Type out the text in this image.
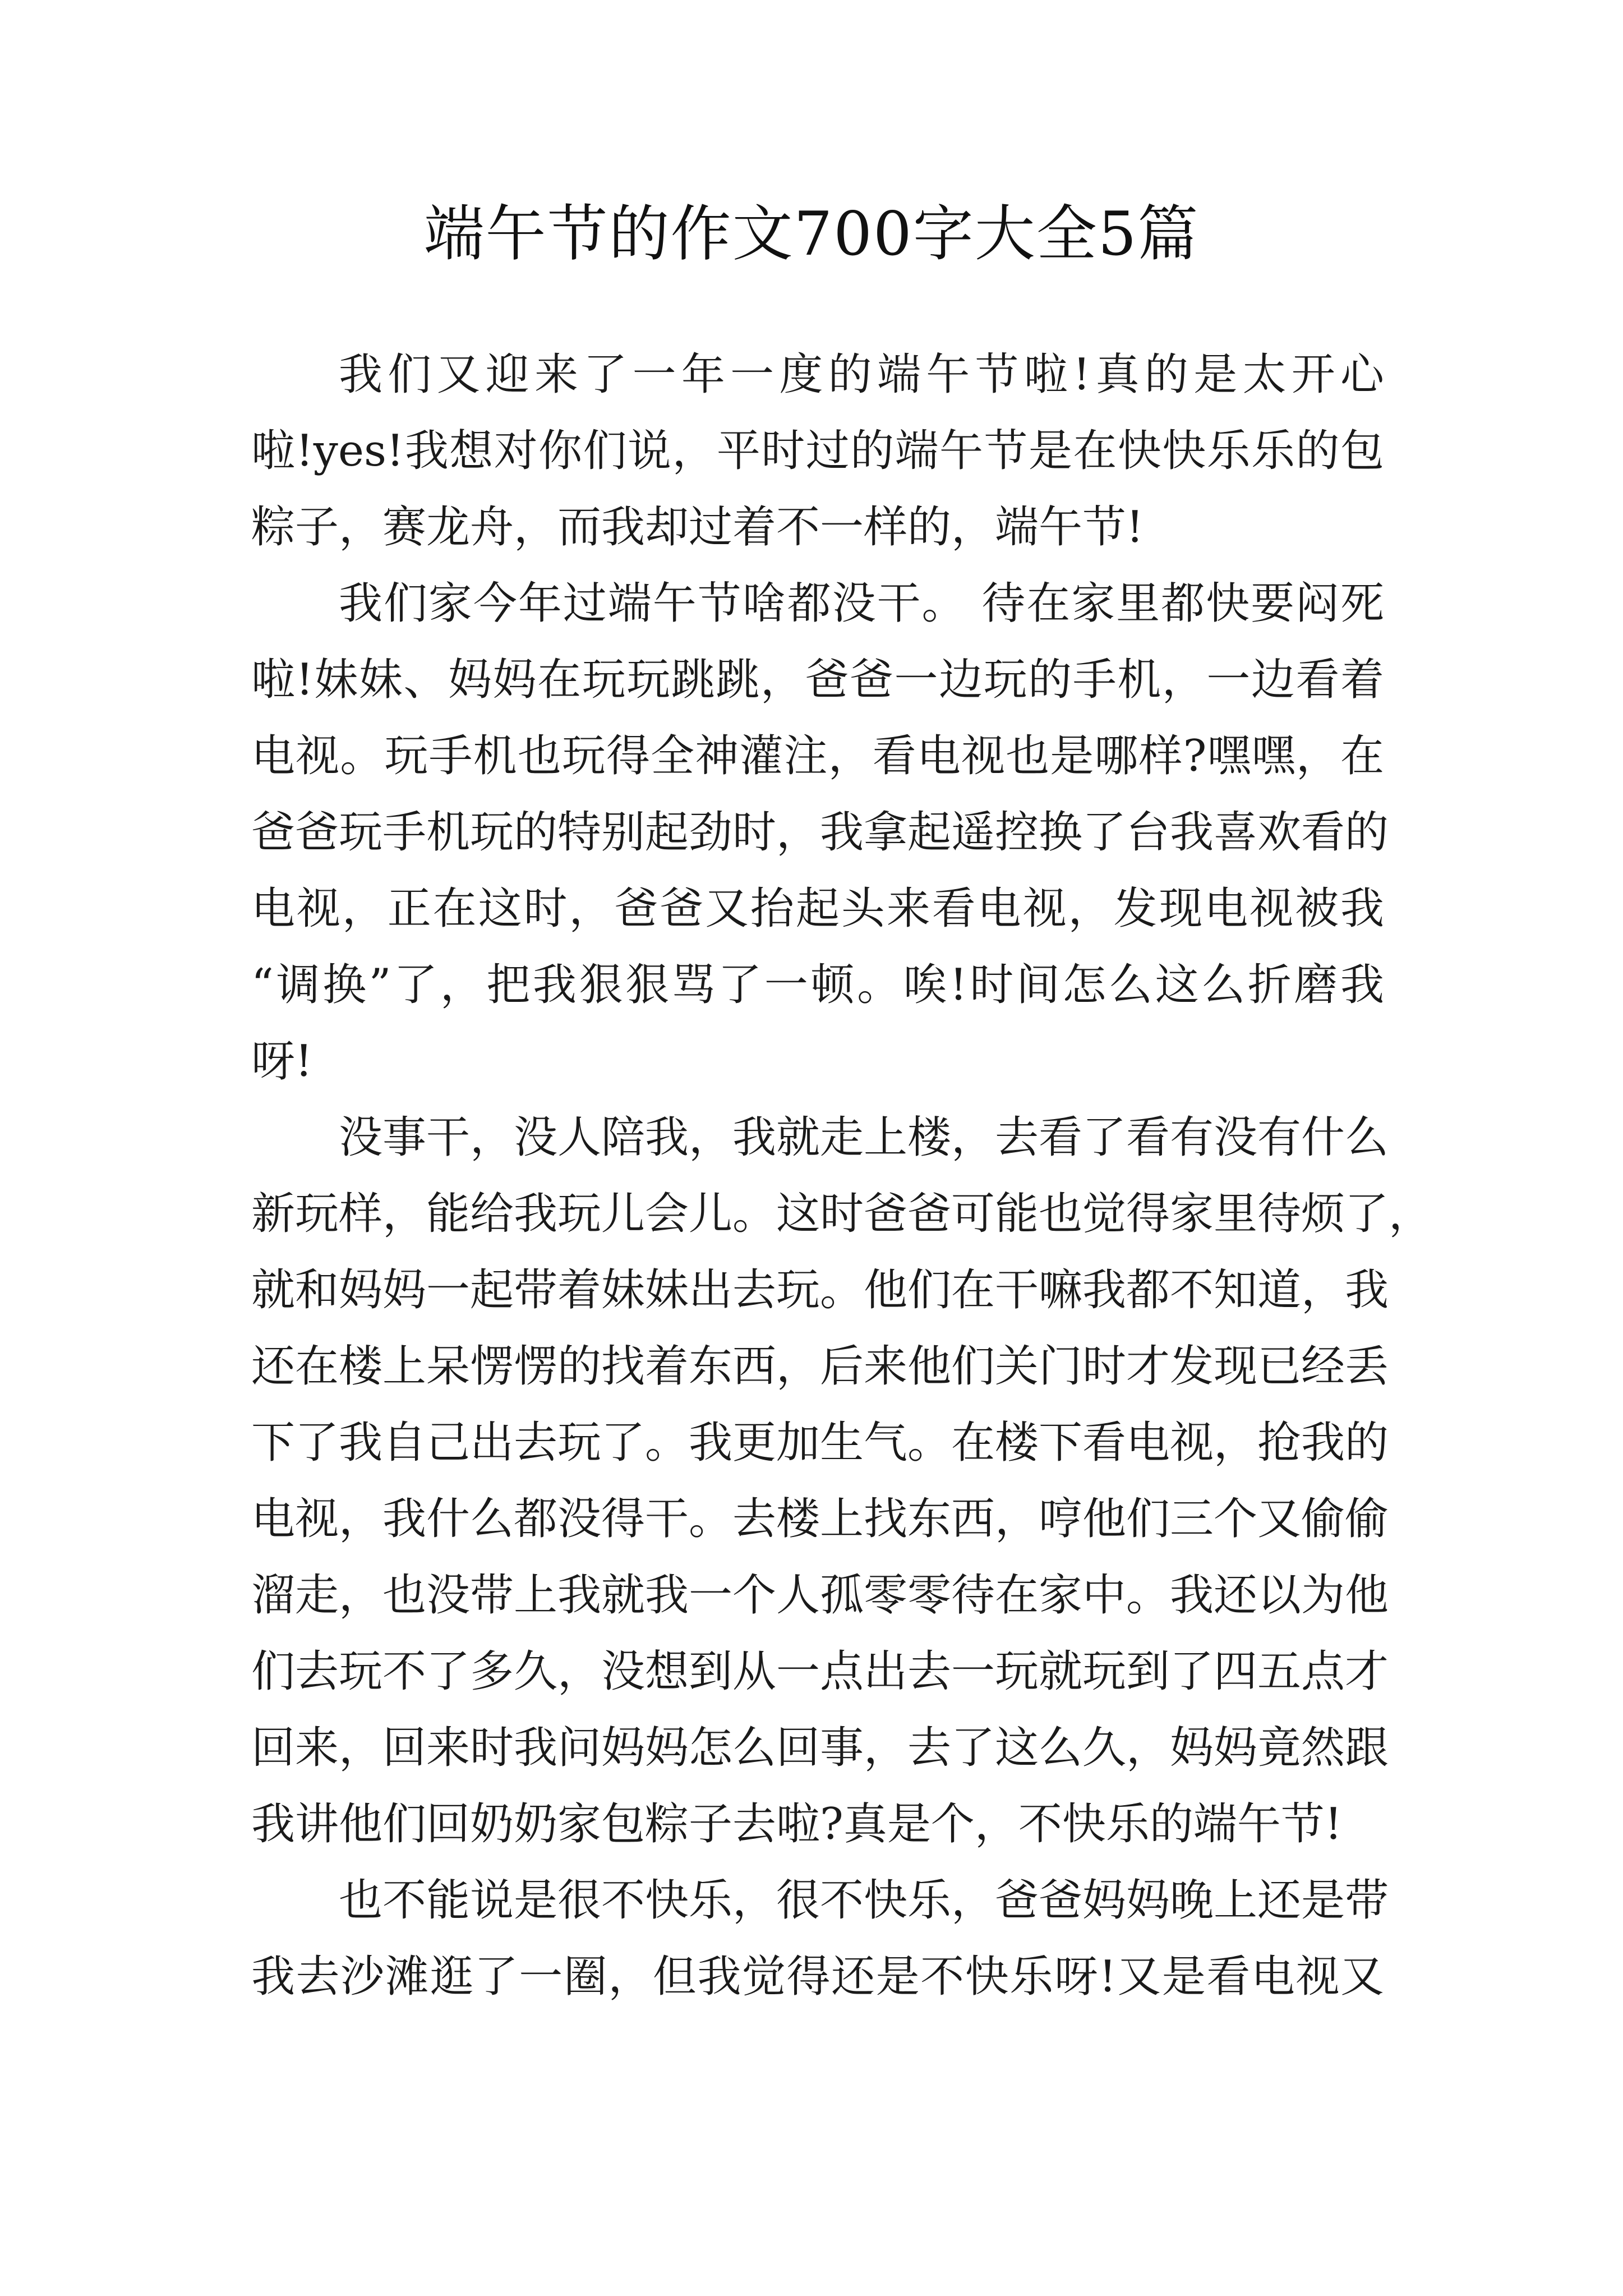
端午节的作文700字大全5篇
我们又迎来了一年一度的端午节啦!真的是太开心
啦!yes!我想对你们说，平时过的端午节是在快快乐乐的包
粽子，赛龙舟，而我却过着不一样的，端午节!
我们家今年过端午节啥都没干。 待在家里都快要闷死
啦!妹妹、妈妈在玩玩跳跳，爸爸一边玩的手机，一边看着
电视。玩手机也玩得全神灌注，看电视也是哪样?嘿嘿，在
爸爸玩手机玩的特别起劲时，我拿起遥控换了台我喜欢看的
电视，正在这时，爸爸又抬起头来看电视，发现电视被我
“调换”了，把我狠狠骂了一顿。唉!时间怎么这么折磨我
呀!
没事干，没人陪我，我就走上楼，去看了看有没有什么
新玩样，能给我玩儿会儿。这时爸爸可能也觉得家里待烦了，
就和妈妈一起带着妹妹出去玩。他们在干嘛我都不知道，我
还在楼上呆愣愣的找着东西，后来他们关门时才发现已经丢
下了我自己出去玩了。我更加生气。在楼下看电视，抢我的
电视，我什么都没得干。去楼上找东西，哼他们三个又偷偷
溜走，也没带上我就我一个人孤零零待在家中。我还以为他
们去玩不了多久，没想到从一点出去一玩就玩到了四五点才
回来，回来时我问妈妈怎么回事，去了这么久，妈妈竟然跟
我讲他们回奶奶家包粽子去啦?真是个，不快乐的端午节!
也不能说是很不快乐，很不快乐，爸爸妈妈晚上还是带
我去沙滩逛了一圈，但我觉得还是不快乐呀!又是看电视又
